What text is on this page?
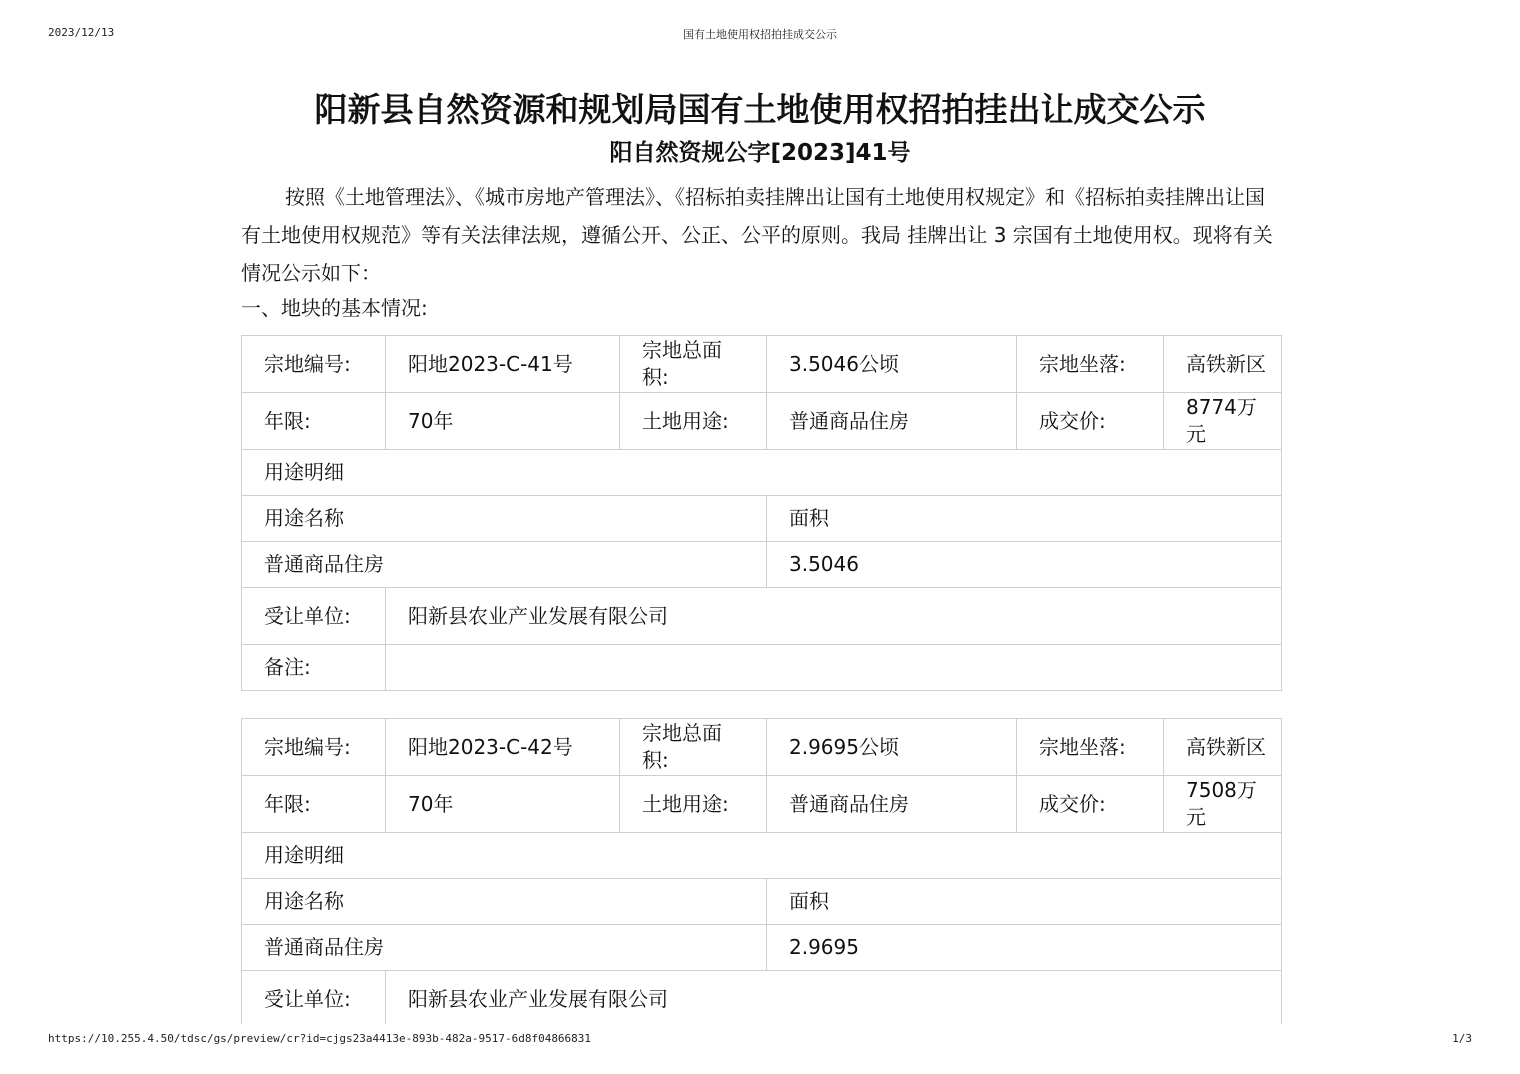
2023/12/13	国有土地使用权招拍挂成交公示
阳新县自然资源和规划局国有土地使用权招拍挂出让成交公示
阳自然资规公字[2023]41号
按照《土地管理法》、《城市房地产管理法》、《招标拍卖挂牌出让国有土地使用权规定》和《招标拍卖挂牌出让国有土地使用权规范》等有关法律法规，遵循公开、公正、公平的原则。我局 挂牌出让 3 宗国有土地使用权。现将有关情况公示如下：
一、地块的基本情况:
宗地编号:	阳地2023-C-41号	宗地总面积:	3.5046公顷	宗地坐落:	高铁新区
年限:	70年	土地用途:	普通商品住房	成交价:	8774万元
用途明细					
用途名称			面积		
普通商品住房			3.5046		
受让单位:	阳新县农业产业发展有限公司				
备注:					
宗地编号:	阳地2023-C-42号	宗地总面积:	2.9695公顷	宗地坐落:	高铁新区
年限:	70年	土地用途:	普通商品住房	成交价:	7508万元
用途明细					
用途名称			面积		
普通商品住房			2.9695		
受让单位:	阳新县农业产业发展有限公司				
https://10.255.4.50/tdsc/gs/preview/cr?id=cjgs23a4413e-893b-482a-9517-6d8f04866831	1/3
